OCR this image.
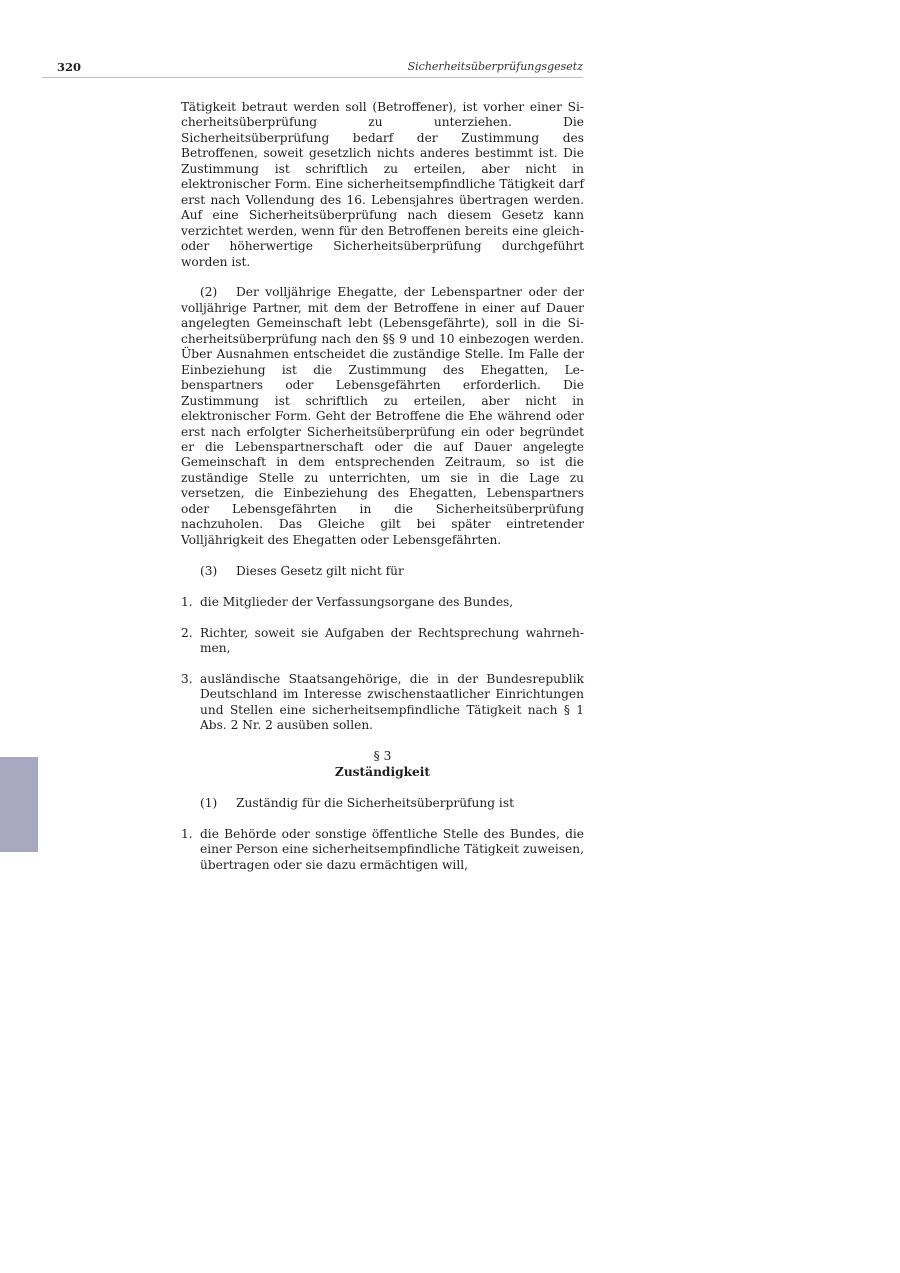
320	Sicherheitsüberprüfungsgesetz

Tätigkeit betraut werden soll (Betroffener), ist vorher einer Sicherheitsüberprüfung zu unterziehen. Die Sicherheitsüberprüfung bedarf der Zustimmung des Betroffenen, soweit gesetzlich nichts anderes bestimmt ist. Die Zustimmung ist schriftlich zu erteilen, aber nicht in elektronischer Form. Eine sicherheitsempfindliche Tätigkeit darf erst nach Vollendung des 16. Lebensjahres übertragen werden. Auf eine Sicherheitsüberprüfung nach diesem Gesetz kann verzichtet werden, wenn für den Betroffenen bereits eine gleich- oder höherwertige Sicherheitsüberprüfung durchgeführt worden ist.

(2) Der volljährige Ehegatte, der Lebenspartner oder der volljährige Partner, mit dem der Betroffene in einer auf Dauer angelegten Gemeinschaft lebt (Lebensgefährte), soll in die Sicherheitsüberprüfung nach den §§ 9 und 10 einbezogen werden. Über Ausnahmen entscheidet die zuständige Stelle. Im Falle der Einbeziehung ist die Zustimmung des Ehegatten, Lebenspartners oder Lebensgefährten erforderlich. Die Zustimmung ist schriftlich zu erteilen, aber nicht in elektronischer Form. Geht der Betroffene die Ehe während oder erst nach erfolgter Sicherheitsüberprüfung ein oder begründet er die Lebenspartnerschaft oder die auf Dauer angelegte Gemeinschaft in dem entsprechenden Zeitraum, so ist die zuständige Stelle zu unterrichten, um sie in die Lage zu versetzen, die Einbeziehung des Ehegatten, Lebenspartners oder Lebensgefährten in die Sicherheitsüberprüfung nachzuholen. Das Gleiche gilt bei später eintretender Volljährigkeit des Ehegatten oder Lebensgefährten.

(3) Dieses Gesetz gilt nicht für

1. die Mitglieder der Verfassungsorgane des Bundes,
2. Richter, soweit sie Aufgaben der Rechtsprechung wahrnehmen,
3. ausländische Staatsangehörige, die in der Bundesrepublik Deutschland im Interesse zwischenstaatlicher Einrichtungen und Stellen eine sicherheitsempfindliche Tätigkeit nach § 1 Abs. 2 Nr. 2 ausüben sollen.
§ 3
Zuständigkeit

(1) Zuständig für die Sicherheitsüberprüfung ist

1. die Behörde oder sonstige öffentliche Stelle des Bundes, die einer Person eine sicherheitsempfindliche Tätigkeit zuweisen, übertragen oder sie dazu ermächtigen will,
